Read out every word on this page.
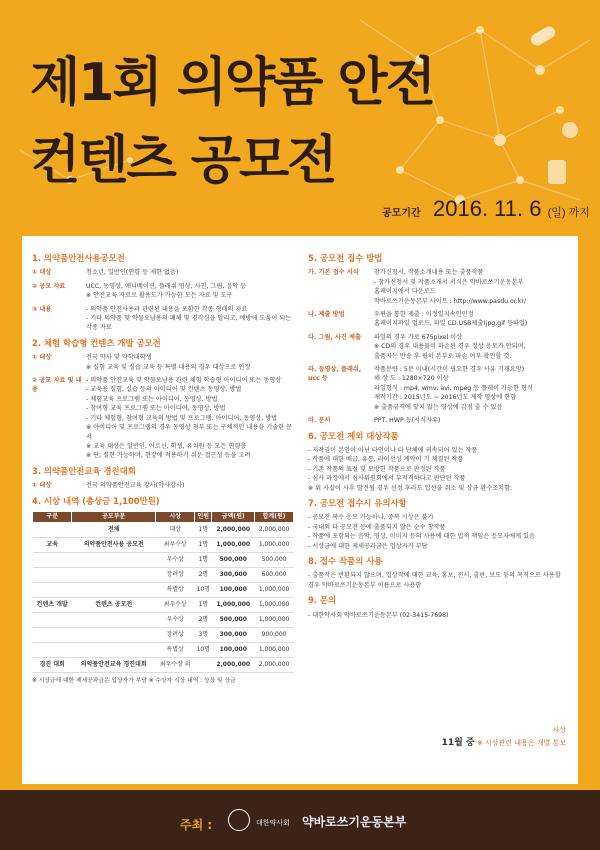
제1회 의약품 안전
컨텐츠 공모전
공모기간 2016. 11. 6 (일) 까지
1. 의약품안전사용공모전
① 대상	청소년, 일반인(연령 등 제한 없음)
② 공모 자료	UCC, 동영상, 애니메이션, 플래쉬 영상, 사진, 그림, 음악 등
※ 안전교육 자료로 활용도가 가능한 모든 자료 및 도구
③ 내용	- 의약품 안전사용과 관련된 내용을 포함한 각종 형태의 자료
- 기타 의약품 및 약물오남용의 폐해 및 경각심을 알리고, 예방에 도움이 되는 각종 자료
2. 체험 학습형 컨텐츠 개발 공모전
① 대상	전국 약사 및 약학대학생
※ 실험 교육 및 실습 교육 등 특별 내용의 경우 대상으로 인정
② 공모 자료 및 내용
- 의약품 안전교육 및 약물오남용 관련 체험 학습형 아이디어 또는 동영상
- 교육용 실험, 실습 등의 아이디어 및 컨텐츠 동영상, 방법
- 체험교육 프로그램 또는 아이디어, 동영상, 방법
- 참여형 교육 프로그램 또는 아이디어, 동영상, 방법
- 기타 체험형, 참여형 교육의 방법 및 프로그램, 아이디어, 동영상, 방법
※ 아이디어 및 프로그램의 경우 동영상 첨부 또는 구체적인 내용을 기술한 문서
※ 교육 대상은 일반인, 어르신, 학생, 유치원 등 모든 연령층
※ 단, 실현 가능하며, 현장에 적용하기 쉬운 접근성 등을 고려
3. 의약품안전교육 경진대회
① 대상	전국 의약품안전교육 강사(약사강사)
4. 시상 내역 (총상금 1,100만원)
구분	공모부문	시상	인원	금액(원)	합계(원)
	전체	대상	1명	2,000,000	2,000,000
교육	의약품안전사용 공모전	최우수상	1명	1,000,000	1,000,000
		우수상	1명	500,000	500,000
		장려상	2명	300,000	600,000
		특별상	10명	100,000	1,000,000
컨텐츠 개발	컨텐츠 공모전	최우수상	1명	1,000,000	1,000,000
		우수상	2명	500,000	1,000,000
		장려상	3명	300,000	900,000
		특별상	10명	100,000	1,000,000
경진 대회	의약품안전교육 경진대회	최우수상 외		2,000,000	2,000,000
※ 시상금에 대한 제세공과금은 입상자가 부담 ※ 수상자 시상 내역 : 상장 및 상금
5. 공모전 접수 방법
가. 기본 접수 서식	참가신청서, 작품소개내용 또는 출품작품
- 참가신청서 및 작품소개서 서식은 약바로쓰기운동본부
홈페이지에서 다운로드
약바로쓰기운동본부 사이트 : http://www.pasdu.or.kr/
나. 제출 방법	우편을 통한 제출 : 이정일지속인민정
홈페이지파일 업로드, 파일 CD,USB제출(jpg,gif 등파일)
다. 그림, 사진 제출	파일의 경우 가로 675pixel 이상
※ CD의 경우 내용물이 파손된 경우 정상 응모가 안되며,
출품자는 반송 후 필히 본부로 파손 여부 확인할 것.
라. 동영상, 플래쉬, ucc 등
작품분량 : 5분 이내(시간이 필요한 경우 사유 기재요망)
해 상 도 : 1280×720 이상
파일형식 : mp4, wmv, avi, mpeg 등 플레이 가능한 형식
제작기간 : 2015년도 ~ 2016년도 제작 영상에 한함
※ 출품규격에 맞지 않는 영상에 감점 줄 수 있음
마. 문서	PPT, HWP 등(서식자유)
6. 공모전 제외 대상작품
- 저작권이 본인이 아닌 타인이나 타 단체에 귀속되어 있는 작품
- 작품에 대한 배급, 유통, 라이선싱 계약이 기 체결된 작품
- 기존 작품의 표절 및 모방한 작품으로 판정된 작품
- 심사 과정에서 심사위원회에서 부적격하다고 판단된 작품
※ 위 사실이 사후 발견될 경우 선정 후라도 입선을 취소 및 상금 환수조치함.
7. 공모전 접수시 유의사항
- 공모전 복수 응모 가능하나, 중복 시상은 불가
- 국내외 타 공모전 등에 출품되지 않은 순수 창작품
- 작품에 포함되는 음악, 영상, 이미지 등의 사용에 대한 법적 책임은 응모자에게 있음
- 시상금에 대한 제세공과금은 입상자가 부담
8. 접수 작품의 사용
- 출품작은 반환되지 않으며, 입상작에 대한 교육, 홍보, 전시, 출판, 보도 등의 목적으로 사용할
경우 약바로쓰기운동본부 이름으로 사용함
9. 문의
- 대한약사회 약바로쓰기운동본부 (02-3415-7698)
시상
11월 중 ※ 시상관련 내용은 개별 통보
주최 :	대한약사회 약바로쓰기운동본부
